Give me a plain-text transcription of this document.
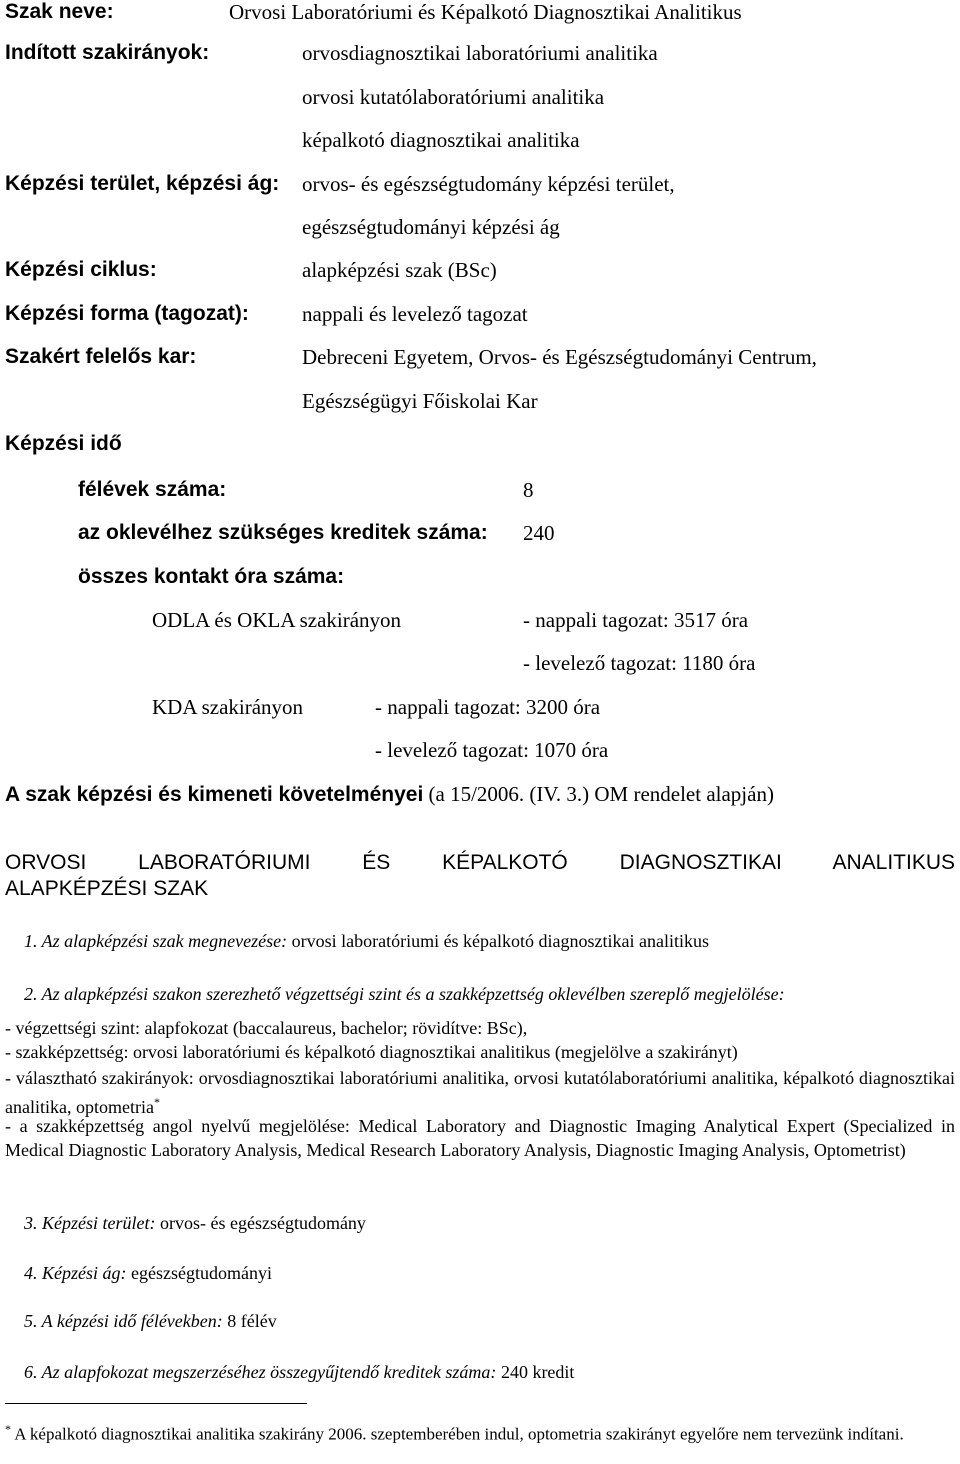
Szak neve:	Orvosi Laboratóriumi és Képalkotó Diagnosztikai Analitikus
Indított szakirányok:	orvosdiagnosztikai laboratóriumi analitika
orvosi kutatólaboratóriumi analitika
képalkotó diagnosztikai analitika
Képzési terület, képzési ág: orvos- és egészségtudomány képzési terület,
egészségtudományi képzési ág
Képzési ciklus:	alapképzési szak (BSc)
Képzési forma (tagozat):	nappali és levelező tagozat
Szakért felelős kar:	Debreceni Egyetem, Orvos- és Egészségtudományi Centrum,
Egészségügyi Főiskolai Kar
Képzési idő
félévek száma:	8
az oklevélhez szükséges kreditek száma: 240
összes kontakt óra száma:
ODLA és OKLA szakirányon	- nappali tagozat: 3517 óra
- levelező tagozat: 1180 óra
KDA szakirányon	- nappali tagozat: 3200 óra
- levelező tagozat: 1070 óra
A szak képzési és kimeneti követelményei (a 15/2006. (IV. 3.) OM rendelet alapján)
ORVOSI LABORATÓRIUMI ÉS KÉPALKOTÓ DIAGNOSZTIKAI ANALITIKUS
ALAPKÉPZÉSI SZAK
1. Az alapképzési szak megnevezése: orvosi laboratóriumi és képalkotó diagnosztikai analitikus
2. Az alapképzési szakon szerezhető végzettségi szint és a szakképzettség oklevélben szereplő megjelölése:
- végzettségi szint: alapfokozat (baccalaureus, bachelor; rövidítve: BSc),
- szakképzettség: orvosi laboratóriumi és képalkotó diagnosztikai analitikus (megjelölve a szakirányt)
- választható szakirányok: orvosdiagnosztikai laboratóriumi analitika, orvosi kutatólaboratóriumi analitika, képalkotó diagnosztikai analitika, optometria*
- a szakképzettség angol nyelvű megjelölése: Medical Laboratory and Diagnostic Imaging Analytical Expert (Specialized in Medical Diagnostic Laboratory Analysis, Medical Research Laboratory Analysis, Diagnostic Imaging Analysis, Optometrist)
3. Képzési terület: orvos- és egészségtudomány
4. Képzési ág: egészségtudományi
5. A képzési idő félévekben: 8 félév
6. Az alapfokozat megszerzéséhez összegyűjtendő kreditek száma: 240 kredit
* A képalkotó diagnosztikai analitika szakirány 2006. szeptemberében indul, optometria szakirányt egyelőre nem tervezünk indítani.
